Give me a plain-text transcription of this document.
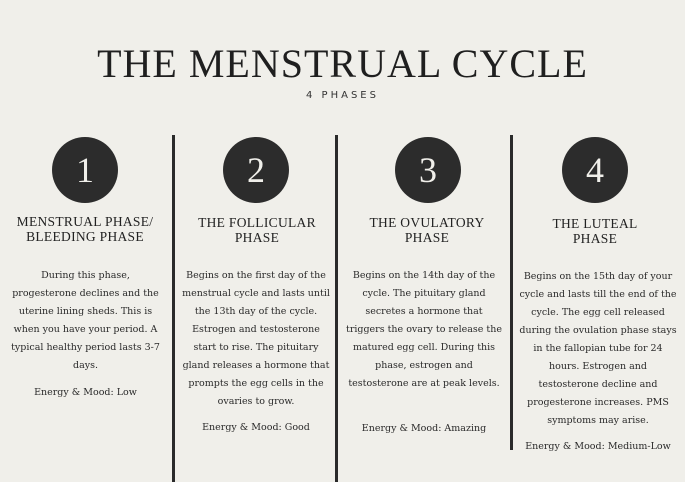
THE MENSTRUAL CYCLE
4 PHASES
1
MENSTRUAL PHASE/ BLEEDING PHASE
During this phase, progesterone declines and the uterine lining sheds. This is when you have your period. A typical healthy period lasts 3-7 days.
Energy & Mood: Low
2
THE FOLLICULAR PHASE
Begins on the first day of the menstrual cycle and lasts until the 13th day of the cycle. Estrogen and testosterone start to rise. The pituitary gland releases a hormone that prompts the egg cells in the ovaries to grow.
Energy & Mood: Good
3
THE OVULATORY PHASE
Begins on the 14th day of the cycle. The pituitary gland secretes a hormone that triggers the ovary to release the matured egg cell. During this phase, estrogen and testosterone are at peak levels.
Energy & Mood: Amazing
4
THE LUTEAL PHASE
Begins on the 15th day of your cycle and lasts till the end of the cycle. The egg cell released during the ovulation phase stays in the fallopian tube for 24 hours. Estrogen and testosterone decline and progesterone increases. PMS symptoms may arise.
Energy & Mood: Medium-Low
